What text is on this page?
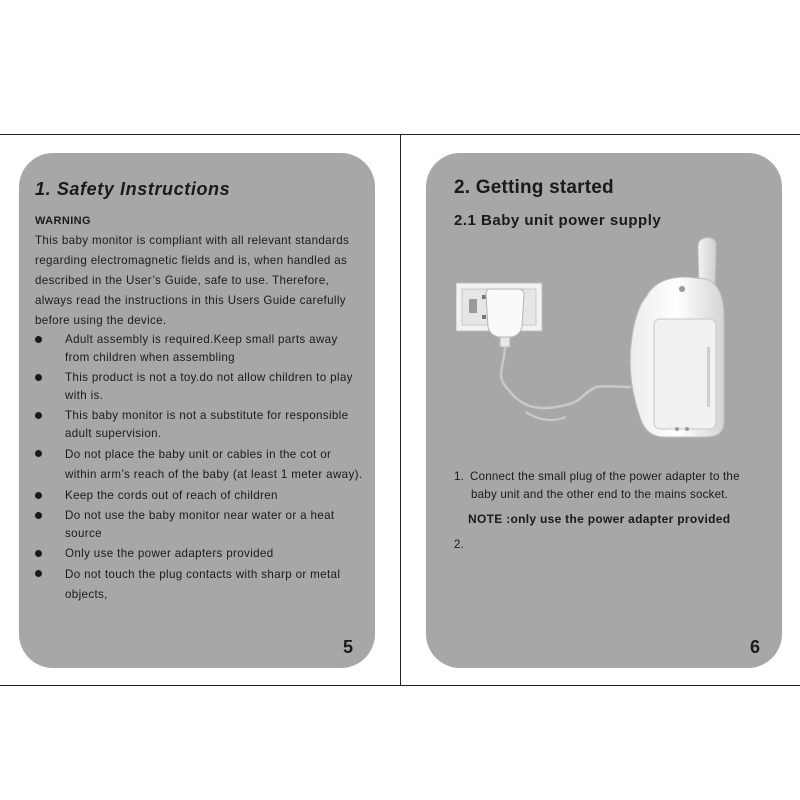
1. Safety Instructions
WARNING

This baby monitor is compliant with all relevant standards
regarding electromagnetic fields and is, when handled as
described in the User’s Guide, safe to use. Therefore,
always read the instructions in this Users Guide carefully
before using the device.

Adult assembly is required.Keep small parts away
from children when assembling
This product is not a toy.do not allow children to play
with is.
This baby monitor is not a substitute for responsible
adult supervision.
Do not place the baby unit or cables in the cot or
within arm’s reach of the baby (at least 1 meter away).
Keep the cords out of reach of children
Do not use the baby monitor near water or a heat
source
Only use the power adapters provided
Do not touch the plug contacts with sharp or metal
objects,
5
2. Getting started
2.1 Baby unit power supply
1. Connect the small plug of the power adapter to the
baby unit and the other end to the mains socket.
NOTE :only use the power adapter provided
2.
6
